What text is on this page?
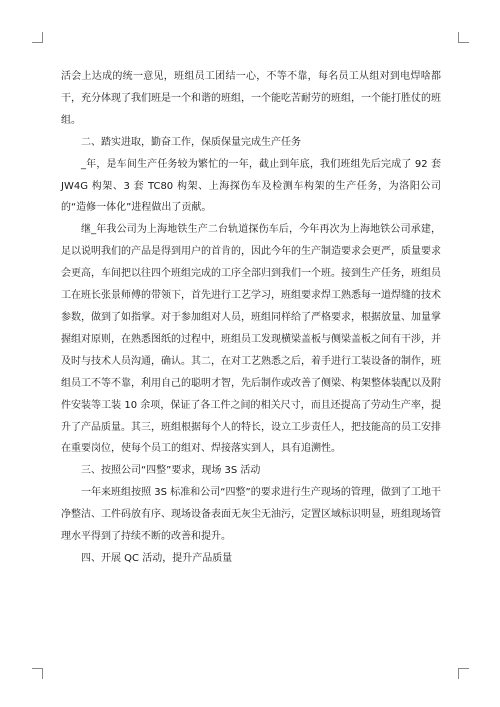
活会上达成的统一意见，班组员工团结一心，不等不靠，每名员工从组对到电焊啥都干，充分体现了我们班是一个和谐的班组，一个能吃苦耐劳的班组，一个能打胜仗的班组。

二、踏实进取，勤奋工作，保质保量完成生产任务

_年，是车间生产任务较为繁忙的一年，截止到年底，我们班组先后完成了 92 套 JW4G 构架、3 套 TC80 构架、上海探伤车及检测车构架的生产任务，为洛阳公司的“造修一体化”进程做出了贡献。

继_年我公司为上海地铁生产二台轨道探伤车后，今年再次为上海地铁公司承建，足以说明我们的产品是得到用户的首肯的，因此今年的生产制造要求会更严，质量要求会更高，车间把以往四个班组完成的工序全部归到我们一个班。接到生产任务，班组员工在班长张景师傅的带领下，首先进行工艺学习，班组要求焊工熟悉每一道焊缝的技术参数，做到了如指掌。对于参加组对人员，班组同样给了严格要求，根据放量、加量掌握组对原则，在熟悉图纸的过程中，班组员工发现横梁盖板与侧梁盖板之间有干涉，并及时与技术人员沟通，确认。其二，在对工艺熟悉之后，着手进行工装设备的制作，班组员工不等不靠，利用自己的聪明才智，先后制作或改善了侧梁、构架整体装配以及附件安装等工装 10 余项，保证了各工件之间的相关尺寸，而且还提高了劳动生产率，提升了产品质量。其三，班组根据每个人的特长，设立工步责任人，把技能高的员工安排在重要岗位，使每个员工的组对、焊接落实到人，具有追溯性。

三、按照公司“四整”要求，现场 3S 活动

一年来班组按照 3S 标准和公司“四整”的要求进行生产现场的管理，做到了工地干净整洁、工件码放有序、现场设备表面无灰尘无油污，定置区域标识明显，班组现场管理水平得到了持续不断的改善和提升。

四、开展 QC 活动，提升产品质量
